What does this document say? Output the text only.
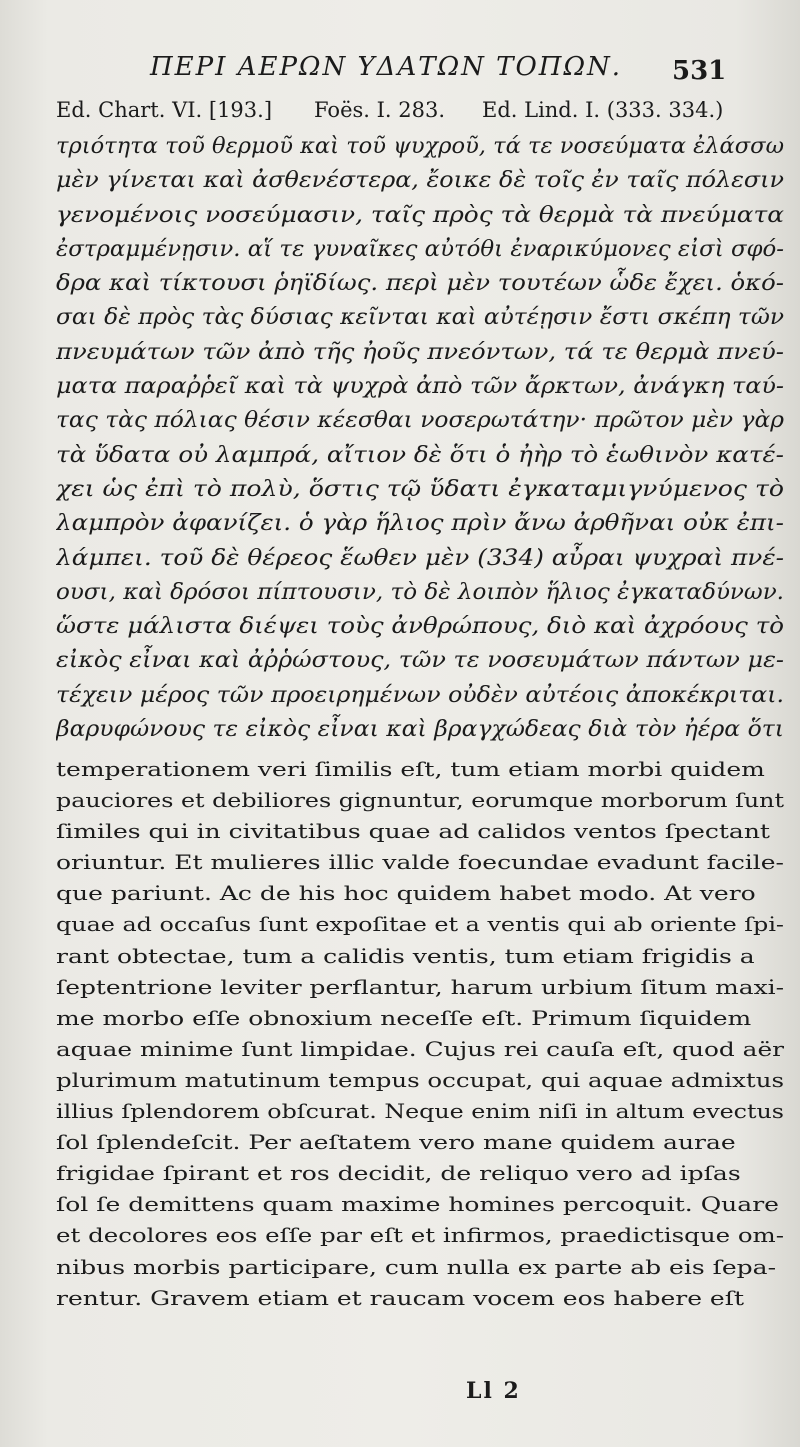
ΠΕΡΙ ΑΕΡΩΝ ΥΔΑΤΩΝ ΤΟΠΩΝ. 531
Ed. Chart. VI. [193.] Foës. I. 283. Ed. Lind. I. (333. 334.)
τριότητα τοῦ θερμοῦ καὶ τοῦ ψυχροῦ, τά τε νοσεύματα ἐλάσσω
μὲν γίνεται καὶ ἀσθενέστερα, ἔοικε δὲ τοῖς ἐν ταῖς πόλεσιν
γενομένοις νοσεύμασιν, ταῖς πρὸς τὰ θερμὰ τὰ πνεύματα
ἐστραμμένῃσιν. αἵ τε γυναῖκες αὐτόθι ἐναρικύμονες εἰσὶ σφό-
δρα καὶ τίκτουσι ῥηϊδίως. περὶ μὲν τουτέων ὧδε ἔχει. ὁκό-
σαι δὲ πρὸς τὰς δύσιας κεῖνται καὶ αὐτέῃσιν ἔστι σκέπη τῶν
πνευμάτων τῶν ἀπὸ τῆς ἠοῦς πνεόντων, τά τε θερμὰ πνεύ-
ματα παραῤῥεῖ καὶ τὰ ψυχρὰ ἀπὸ τῶν ἄρκτων, ἀνάγκη ταύ-
τας τὰς πόλιας θέσιν κέεσθαι νοσερωτάτην· πρῶτον μὲν γὰρ
τὰ ὕδατα οὐ λαμπρά, αἴτιον δὲ ὅτι ὁ ἠὴρ τὸ ἑωθινὸν κατέ-
χει ὡς ἐπὶ τὸ πολὺ, ὅστις τῷ ὕδατι ἐγκαταμιγνύμενος τὸ
λαμπρὸν ἀφανίζει. ὁ γὰρ ἥλιος πρὶν ἄνω ἀρθῆναι οὐκ ἐπι-
λάμπει. τοῦ δὲ θέρεος ἕωθεν μὲν (334) αὖραι ψυχραὶ πνέ-
ουσι, καὶ δρόσοι πίπτουσιν, τὸ δὲ λοιπὸν ἥλιος ἐγκαταδύνων.
ὥστε μάλιστα διέψει τοὺς ἀνθρώπους, διὸ καὶ ἀχρόους τὸ
εἰκὸς εἶναι καὶ ἀῤῥώστους, τῶν τε νοσευμάτων πάντων με-
τέχειν μέρος τῶν προειρημένων οὐδὲν αὐτέοις ἀποκέκριται.
βαρυφώνους τε εἰκὸς εἶναι καὶ βραγχώδεας διὰ τὸν ἠέρα ὅτι
temperationem veri ſimilis eſt, tum etiam morbi quidem
pauciores et debiliores gignuntur, eorumque morborum ſunt
ſimiles qui in civitatibus quae ad calidos ventos ſpectant
oriuntur. Et mulieres illic valde foecundae evadunt facile-
que pariunt. Ac de his hoc quidem habet modo. At vero
quae ad occaſus ſunt expoſitae et a ventis qui ab oriente ſpi-
rant obtectae, tum a calidis ventis, tum etiam frigidis a
ſeptentrione leviter perflantur, harum urbium ſitum maxi-
me morbo eſſe obnoxium neceſſe eſt. Primum ſiquidem
aquae minime ſunt limpidae. Cujus rei cauſa eſt, quod aër
plurimum matutinum tempus occupat, qui aquae admixtus
illius ſplendorem obſcurat. Neque enim niſi in altum evectus
ſol ſplendeſcit. Per aeſtatem vero mane quidem aurae
frigidae ſpirant et ros decidit, de reliquo vero ad ipſas
ſol ſe demittens quam maxime homines percoquit. Quare
et decolores eos eſſe par eſt et infirmos, praedictisque om-
nibus morbis participare, cum nulla ex parte ab eis ſepa-
rentur. Gravem etiam et raucam vocem eos habere eſt
Ll 2
